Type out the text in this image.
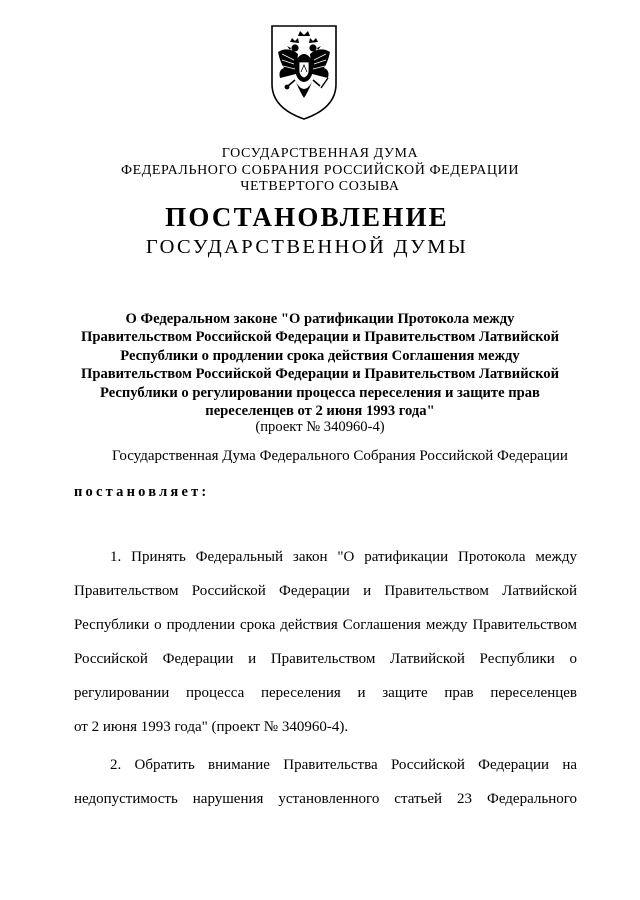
ГОСУДАРСТВЕННАЯ ДУМА
ФЕДЕРАЛЬНОГО СОБРАНИЯ РОССИЙСКОЙ ФЕДЕРАЦИИ
ЧЕТВЕРТОГО СОЗЫВА
ПОСТАНОВЛЕНИЕ
ГОСУДАРСТВЕННОЙ ДУМЫ
О Федеральном законе "О ратификации Протокола между
Правительством Российской Федерации и Правительством Латвийской
Республики о продлении срока действия Соглашения между
Правительством Российской Федерации и Правительством Латвийской
Республики о регулировании процесса переселения и защите прав
переселенцев от 2 июня 1993 года"
(проект № 340960-4)
Государственная Дума Федерального Собрания Российской Федерации
постановляет:
1. Принять Федеральный закон "О ратификации Протокола между
Правительством Российской Федерации и Правительством Латвийской
Республики о продлении срока действия Соглашения между Правительством
Российской Федерации и Правительством Латвийской Республики о
регулировании процесса переселения и защите прав переселенцев
от 2 июня 1993 года" (проект № 340960-4).
2. Обратить внимание Правительства Российской Федерации на
недопустимость нарушения установленного статьей 23 Федерального
